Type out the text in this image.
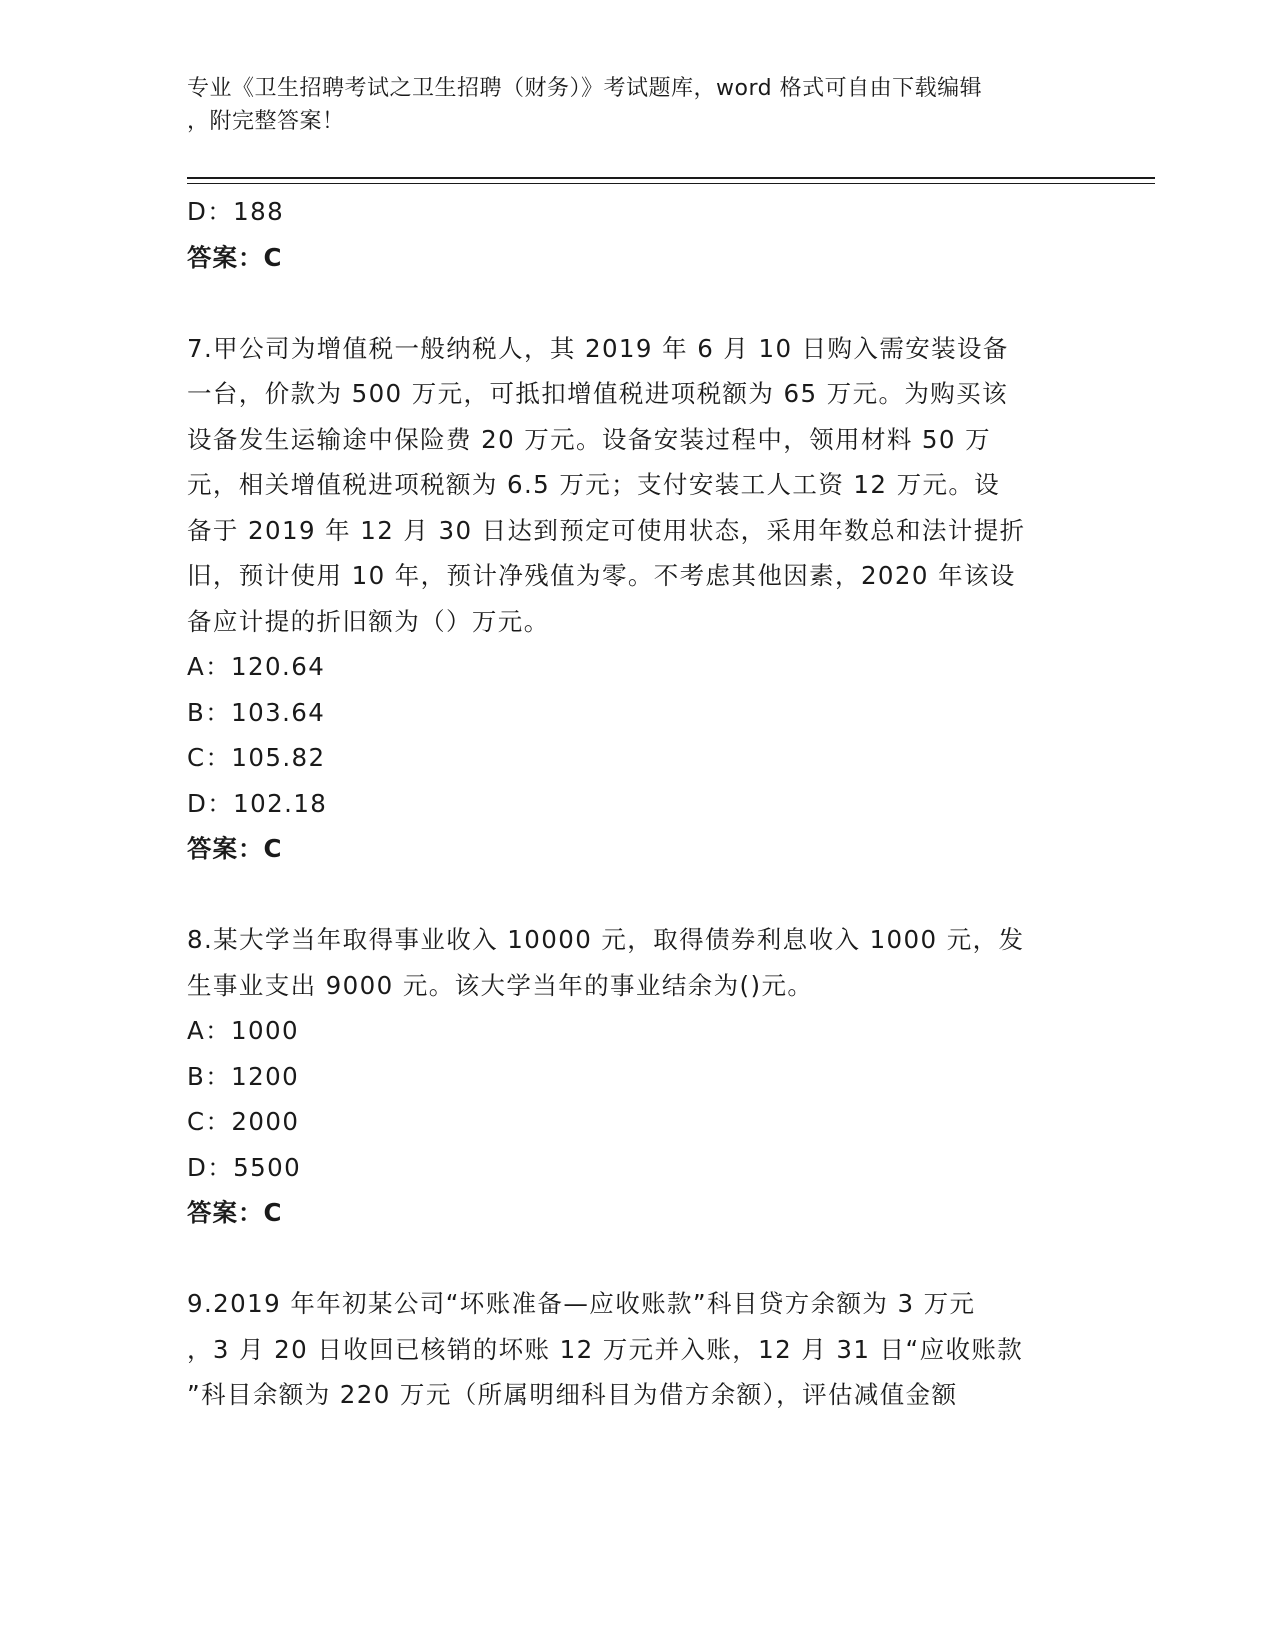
专业《卫生招聘考试之卫生招聘（财务）》考试题库，word 格式可自由下载编辑
，附完整答案！
D：188
答案：C
7.甲公司为增值税一般纳税人，其 2019 年 6 月 10 日购入需安装设备
一台，价款为 500 万元，可抵扣增值税进项税额为 65 万元。为购买该
设备发生运输途中保险费 20 万元。设备安装过程中，领用材料 50 万
元，相关增值税进项税额为 6.5 万元；支付安装工人工资 12 万元。设
备于 2019 年 12 月 30 日达到预定可使用状态，采用年数总和法计提折
旧，预计使用 10 年，预计净残值为零。不考虑其他因素，2020 年该设
备应计提的折旧额为（）万元。
A：120.64
B：103.64
C：105.82
D：102.18
答案：C
8.某大学当年取得事业收入 10000 元，取得债券利息收入 1000 元，发
生事业支出 9000 元。该大学当年的事业结余为()元。
A：1000
B：1200
C：2000
D：5500
答案：C
9.2019 年年初某公司“坏账准备—应收账款”科目贷方余额为 3 万元
，3 月 20 日收回已核销的坏账 12 万元并入账，12 月 31 日“应收账款
”科目余额为 220 万元（所属明细科目为借方余额），评估减值金额
